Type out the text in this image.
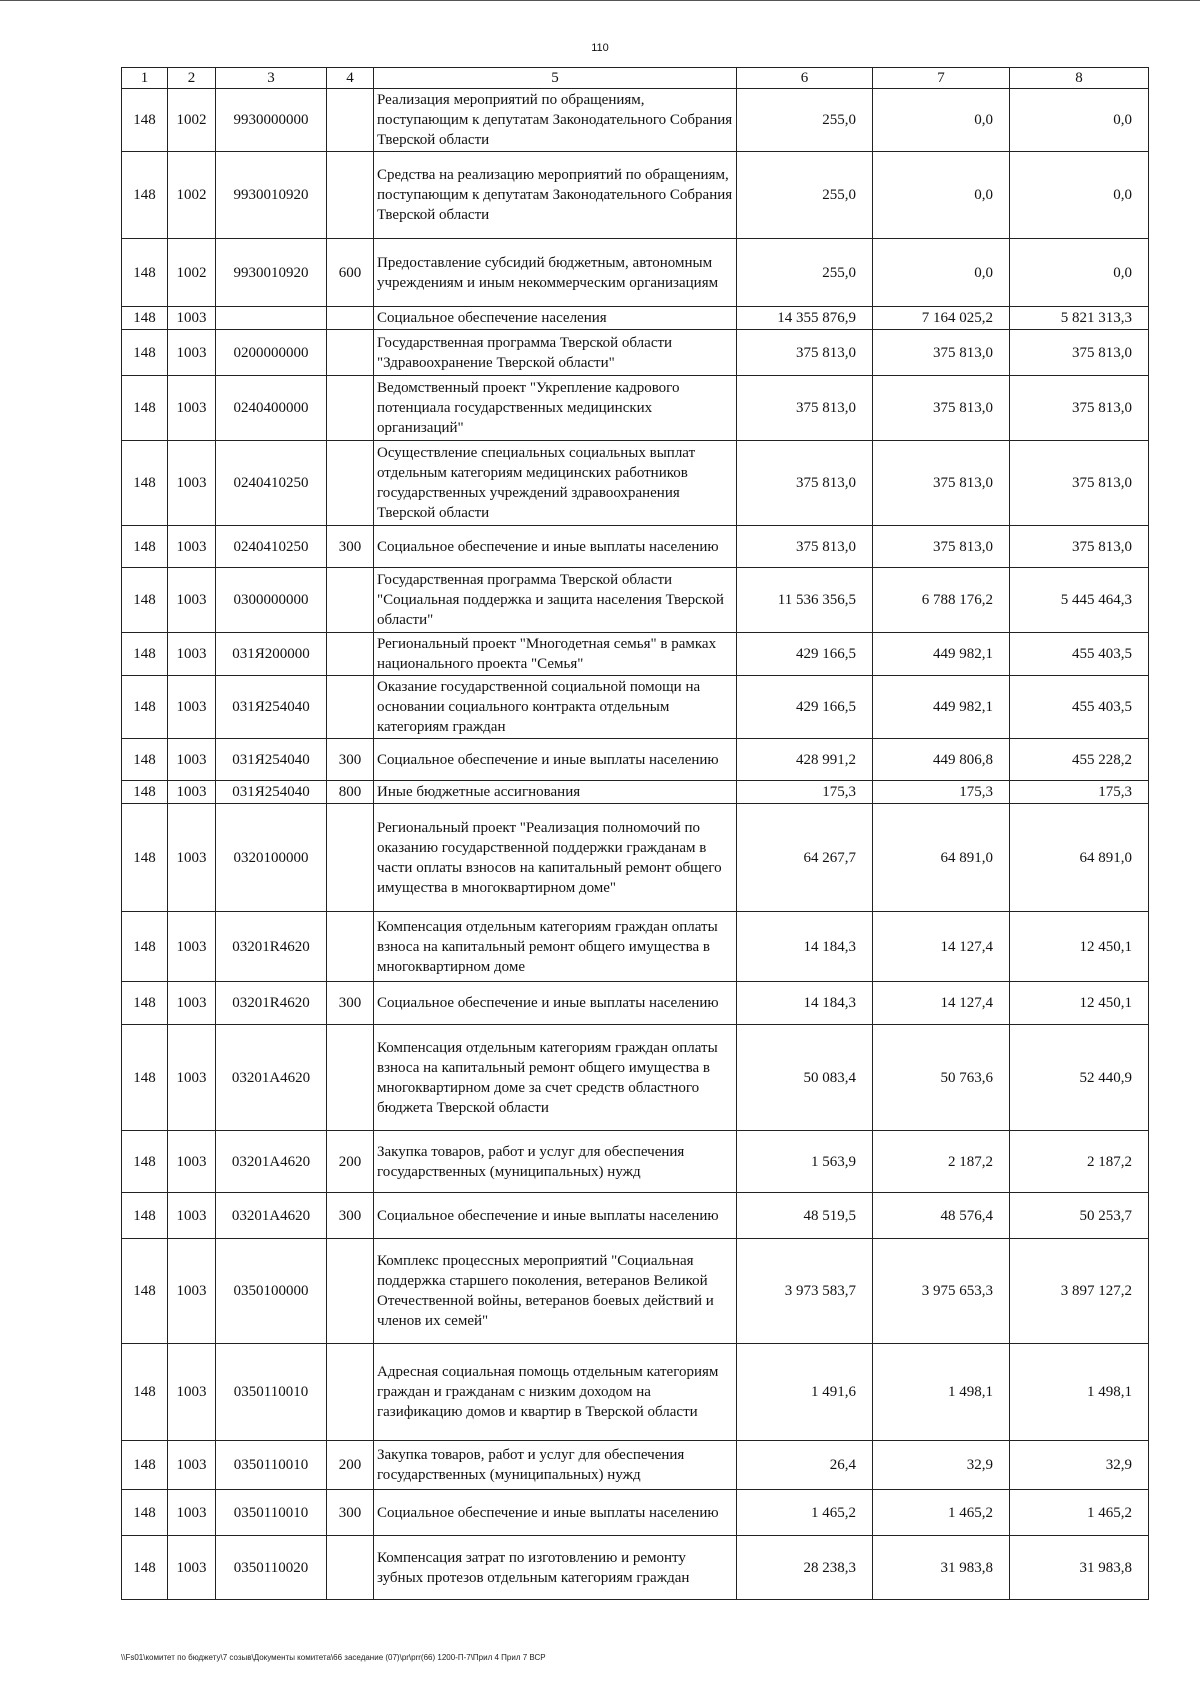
110
1	2	3	4	5	6	7	8
148	1002	9930000000		Реализация мероприятий по обращениям, поступающим к депутатам Законодательного Собрания Тверской области	255,0	0,0	0,0
148	1002	9930010920		Средства на реализацию мероприятий по обращениям, поступающим к депутатам Законодательного Собрания Тверской области	255,0	0,0	0,0
148	1002	9930010920	600	Предоставление субсидий бюджетным, автономным учреждениям и иным некоммерческим организациям	255,0	0,0	0,0
148	1003			Социальное обеспечение населения	14 355 876,9	7 164 025,2	5 821 313,3
148	1003	0200000000		Государственная программа Тверской области "Здравоохранение Тверской области"	375 813,0	375 813,0	375 813,0
148	1003	0240400000		Ведомственный проект "Укрепление кадрового потенциала государственных медицинских организаций"	375 813,0	375 813,0	375 813,0
148	1003	0240410250		Осуществление специальных социальных выплат отдельным категориям медицинских работников государственных учреждений здравоохранения Тверской области	375 813,0	375 813,0	375 813,0
148	1003	0240410250	300	Социальное обеспечение и иные выплаты населению	375 813,0	375 813,0	375 813,0
148	1003	0300000000		Государственная программа Тверской области "Социальная поддержка и защита населения Тверской области"	11 536 356,5	6 788 176,2	5 445 464,3
148	1003	031Я200000		Региональный проект "Многодетная семья" в рамках национального проекта "Семья"	429 166,5	449 982,1	455 403,5
148	1003	031Я254040		Оказание государственной социальной помощи на основании социального контракта отдельным категориям граждан	429 166,5	449 982,1	455 403,5
148	1003	031Я254040	300	Социальное обеспечение и иные выплаты населению	428 991,2	449 806,8	455 228,2
148	1003	031Я254040	800	Иные бюджетные ассигнования	175,3	175,3	175,3
148	1003	0320100000		Региональный проект "Реализация полномочий по оказанию государственной поддержки гражданам в части оплаты взносов на капитальный ремонт общего имущества в многоквартирном доме"	64 267,7	64 891,0	64 891,0
148	1003	03201R4620		Компенсация отдельным категориям граждан оплаты взноса на капитальный ремонт общего имущества в многоквартирном доме	14 184,3	14 127,4	12 450,1
148	1003	03201R4620	300	Социальное обеспечение и иные выплаты населению	14 184,3	14 127,4	12 450,1
148	1003	03201A4620		Компенсация отдельным категориям граждан оплаты взноса на капитальный ремонт общего имущества в многоквартирном доме за счет средств областного бюджета Тверской области	50 083,4	50 763,6	52 440,9
148	1003	03201A4620	200	Закупка товаров, работ и услуг для обеспечения государственных (муниципальных) нужд	1 563,9	2 187,2	2 187,2
148	1003	03201A4620	300	Социальное обеспечение и иные выплаты населению	48 519,5	48 576,4	50 253,7
148	1003	0350100000		Комплекс процессных мероприятий "Социальная поддержка старшего поколения, ветеранов Великой Отечественной войны, ветеранов боевых действий и членов их семей"	3 973 583,7	3 975 653,3	3 897 127,2
148	1003	0350110010		Адресная социальная помощь отдельным категориям граждан и гражданам с низким доходом на газификацию домов и квартир в Тверской области	1 491,6	1 498,1	1 498,1
148	1003	0350110010	200	Закупка товаров, работ и услуг для обеспечения государственных (муниципальных) нужд	26,4	32,9	32,9
148	1003	0350110010	300	Социальное обеспечение и иные выплаты населению	1 465,2	1 465,2	1 465,2
148	1003	0350110020		Компенсация затрат по изготовлению и ремонту зубных протезов отдельным категориям граждан	28 238,3	31 983,8	31 983,8
\\Fs01\комитет по бюджету\7 созыв\Документы комитета\66 заседание (07)\pr\prr(66) 1200-П-7\Прил 4 Прил 7 ВСР
